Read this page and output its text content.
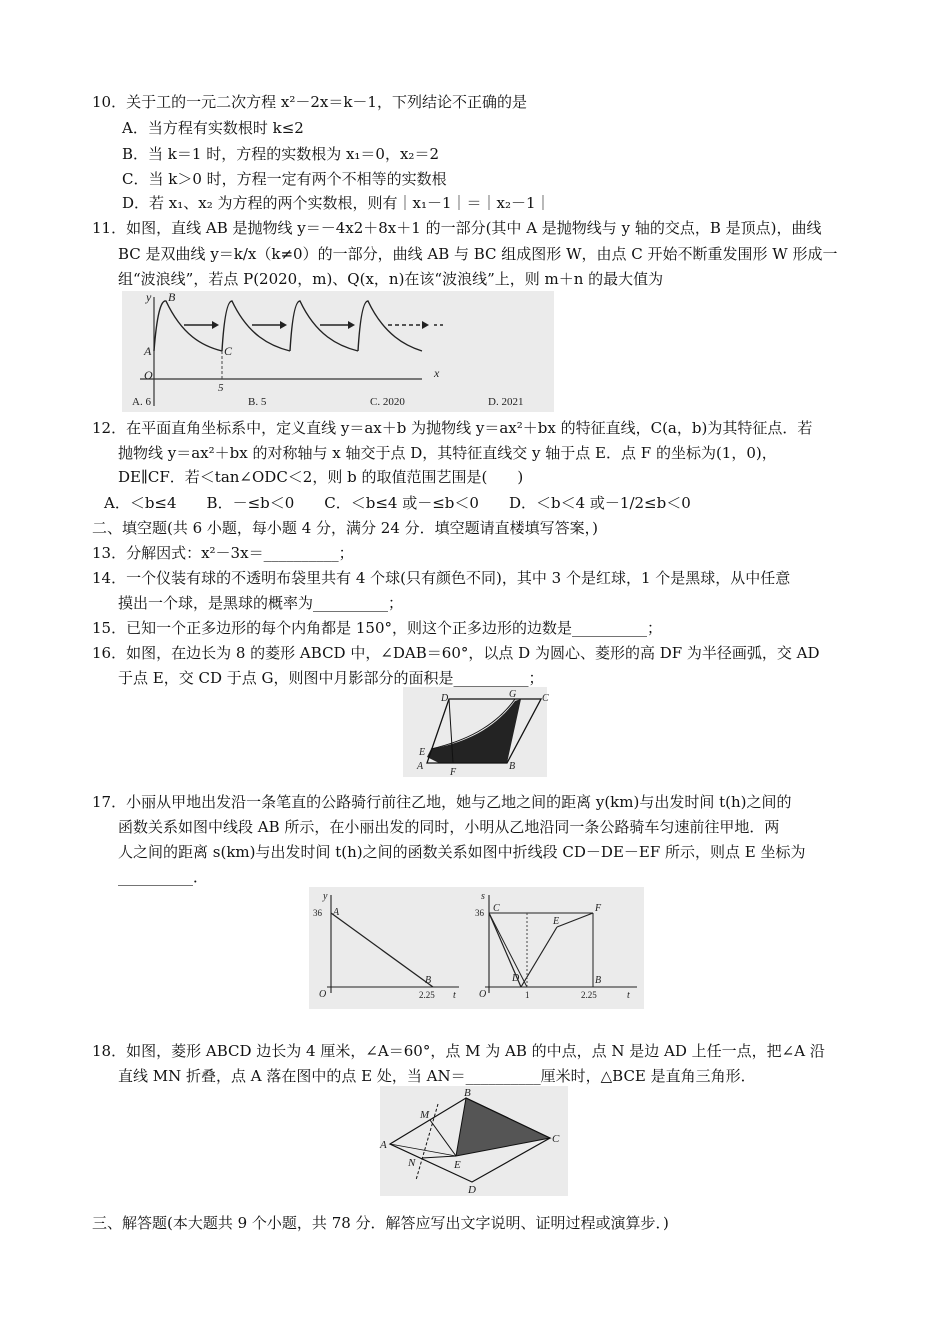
10．关于工的一元二次方程 x²－2x＝k－1，下列结论不正确的是
A．当方程有实数根时 k≤2
B．当 k＝1 时，方程的实数根为 x₁＝0，x₂＝2
C．当 k＞0 时，方程一定有两个不相等的实数根
D．若 x₁、x₂ 为方程的两个实数根，则有｜x₁－1｜＝｜x₂－1｜
11．如图，直线 AB 是抛物线 y＝－4x2＋8x＋1 的一部分(其中 A 是抛物线与 y 轴的交点，B 是顶点)，曲线
BC 是双曲线 y＝k/x（k≠0）的一部分，曲线 AB 与 BC 组成图形 W，由点 C 开始不断重发围形 W 形成一
组“波浪线”，若点 P(2020，m)、Q(x，n)在该“波浪线”上，则 m＋n 的最大值为
y B
A	C
O
5
x
A. 6	B. 5	C. 2020	D. 2021
12．在平面直角坐标系中，定义直线 y＝ax＋b 为抛物线 y＝ax²＋bx 的特征直线，C(a，b)为其特征点．若
抛物线 y＝ax²＋bx 的对称轴与 x 轴交于点 D，其特征直线交 y 轴于点 E．点 F 的坐标为(1，0)，
DE∥CF．若＜tan∠ODC＜2，则 b 的取值范围艺围是(　　)
A．＜b≤4　　B．－≤b＜0　　C．＜b≤4 或－≤b＜0　　D．＜b＜4 或－1/2≤b＜0
二、填空题(共 6 小题，每小题 4 分，满分 24 分．填空题请直楼填写答案，)
13．分解因式：x²－3x＝__________；
14．一个仪装有球的不透明布袋里共有 4 个球(只有颜色不同)，其中 3 个是红球，1 个是黑球，从中任意
摸出一个球，是黑球的概率为__________；
15．已知一个正多边形的每个内角都是 150°，则这个正多边形的边数是__________；
16．如图，在边长为 8 的菱形 ABCD 中，∠DAB＝60°，以点 D 为圆心、菱形的高 DF 为半径画弧，交 AD
于点 E，交 CD 于点 G，则图中月影部分的面积是__________；
D	G	C
E
A
F
B
17．小丽从甲地出发沿一条笔直的公路骑行前往乙地，她与乙地之间的距离 y(km)与出发时间 t(h)之间的
函数关系如图中线段 AB 所示，在小丽出发的同时，小明从乙地沿同一条公路骑车匀速前往甲地．两
人之间的距离 s(km)与出发时间 t(h)之间的函数关系如图中折线段 CD－DE－EF 所示，则点 E 坐标为
__________．
y
36 A
O
B
2.25 t
s
36 C	F
E
D
O	1
B
2.25	t
18．如图，菱形 ABCD 边长为 4 厘米，∠A＝60°，点 M 为 AB 的中点，点 N 是边 AD 上任一点，把∠A 沿
直线 MN 折叠，点 A 落在图中的点 E 处，当 AN＝__________厘米时，△BCE 是直角三角形．
M
B
A	C
N	E
D
三、解答题(本大题共 9 个小题，共 78 分．解答应写出文字说明、证明过程或演算步．)
